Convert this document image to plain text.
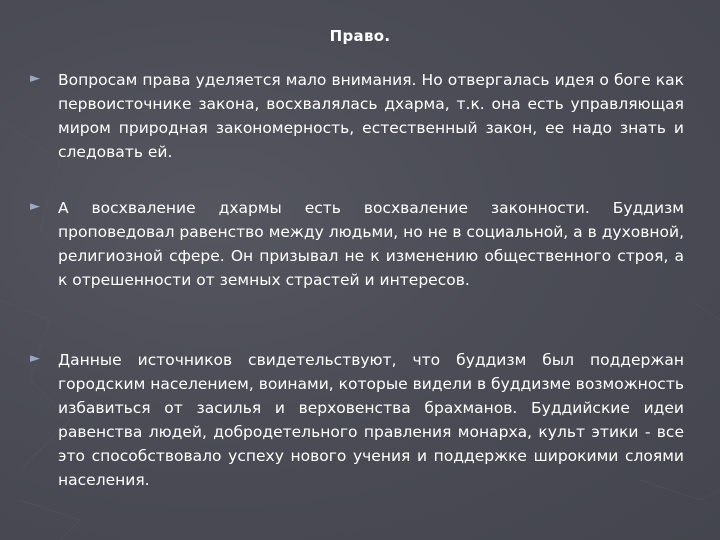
Право.
► Вопросам права уделяется мало внимания. Но отвергалась идея о боге как первоисточнике закона, восхвалялась дхарма, т.к. она есть управляющая миром природная закономерность, естественный закон, ее надо знать и следовать ей.
► А восхваление дхармы есть восхваление законности. Буддизм проповедовал равенство между людьми, но не в социальной, а в духовной, религиозной сфере. Он призывал не к изменению общественного строя, а к отрешенности от земных страстей и интересов.
► Данные источников свидетельствуют, что буддизм был поддержан городским населением, воинами, которые видели в буддизме возможность избавиться от засилья и верховенства брахманов. Буддийские идеи равенства людей, добродетельного правления монарха, культ этики - все это способствовало успеху нового учения и поддержке широкими слоями населения.
